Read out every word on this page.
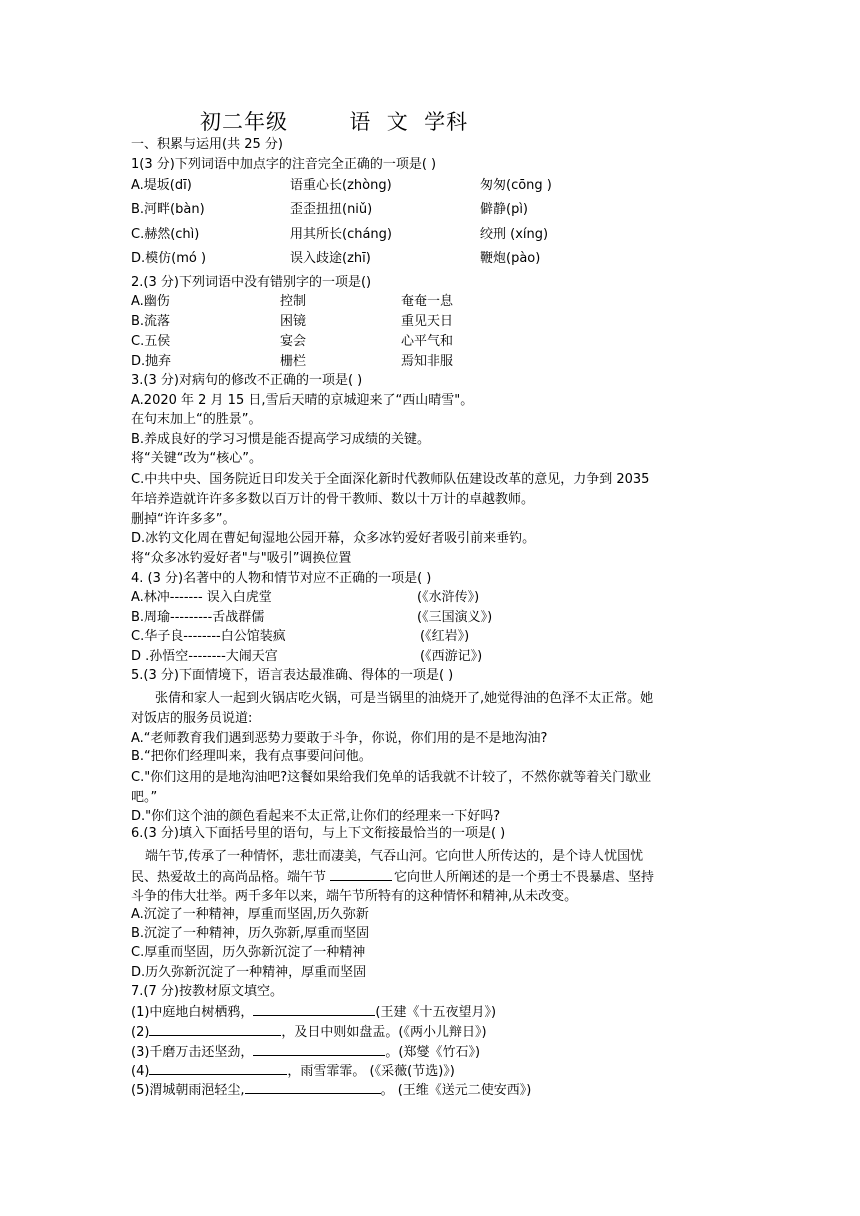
初二年级        语  文  学科
一、积累与运用(共 25 分)
1(3 分)下列词语中加点字的注音完全正确的一项是( )
A.堤坂(dī)	语重心长(zhòng)	匆匆(cōng )
B.河畔(bàn)	歪歪扭扭(niǔ)	僻静(pì)
C.赫然(chì)	用其所长(cháng)	绞刑 (xíng)
D.模仿(mó )	误入歧途(zhī)	鞭炮(pào)
2.(3 分)下列词语中没有错别字的一项是()
A.幽伤	控制	奄奄一息
B.流落	困镜	重见天日
C.五侯	宴会	心平气和
D.抛弃	栅栏	焉知非服
3.(3 分)对病句的修改不正确的一项是( )
A.2020 年 2 月 15 日,雪后天晴的京城迎来了“西山晴雪"。
在句末加上“的胜景”。
B.养成良好的学习习惯是能否提高学习成绩的关键。
将“关键“改为“核心”。
C.中共中央、国务院近日印发关于全面深化新时代教师队伍建设改革的意见，力争到 2035
年培养造就许许多多数以百万计的骨干教师、数以十万计的卓越教师。
删掉“许许多多”。
D.冰钓文化周在曹妃甸湿地公园开幕，众多冰钓爱好者吸引前来垂钓。
将“众多冰钓爱好者"与"吸引”调换位置
4. (3 分)名著中的人物和情节对应不正确的一项是( )
A.林冲------- 误入白虎堂	(《水浒传》)
B.周瑜---------舌战群儒	(《三国演义》)
C.华子良--------白公馆装疯	(《红岩》)
D .孙悟空--------大闹天宫	(《西游记》)
5.(3 分)下面情境下，语言表达最准确、得体的一项是( )
张倩和家人一起到火锅店吃火锅，可是当锅里的油烧开了,她觉得油的色泽不太正常。她
对饭店的服务员说道:
A.“老师教育我们遇到恶势力要敢于斗争，你说，你们用的是不是地沟油?
B.“把你们经理叫来，我有点事要问问他。
C."你们这用的是地沟油吧?这餐如果给我们免单的话我就不计较了，不然你就等着关门歇业
吧。”
D."你们这个油的颜色看起来不太正常,让你们的经理来一下好吗?
6.(3 分)填入下面括号里的语句，与上下文衔接最恰当的一项是( )
端午节,传承了一种情怀，悲壮而凄美，气吞山河。它向世人所传达的，是个诗人忧国忧
民、热爱故土的高尚品格。端午节	它向世人所阐述的是一个勇士不畏暴虐、坚持
斗争的伟大壮举。两千多年以来，端午节所特有的这种情怀和精神,从未改变。
A.沉淀了一种精神，厚重而坚固,历久弥新
B.沉淀了一种精神，历久弥新,厚重而坚固
C.厚重而坚固，历久弥新沉淀了一种精神
D.历久弥新沉淀了一种精神，厚重而坚固
7.(7 分)按教材原文填空。
(1)中庭地白树栖鸦，	(王建《十五夜望月》)
(2)	，及日中则如盘盂。(《两小儿辩日》)
(3)千磨万击还坚劲，	。(郑燮《竹石》)
(4)	，雨雪霏霏。 (《采薇(节选)》)
(5)渭城朝雨浥轻尘,	。 (王维《送元二使安西》)
